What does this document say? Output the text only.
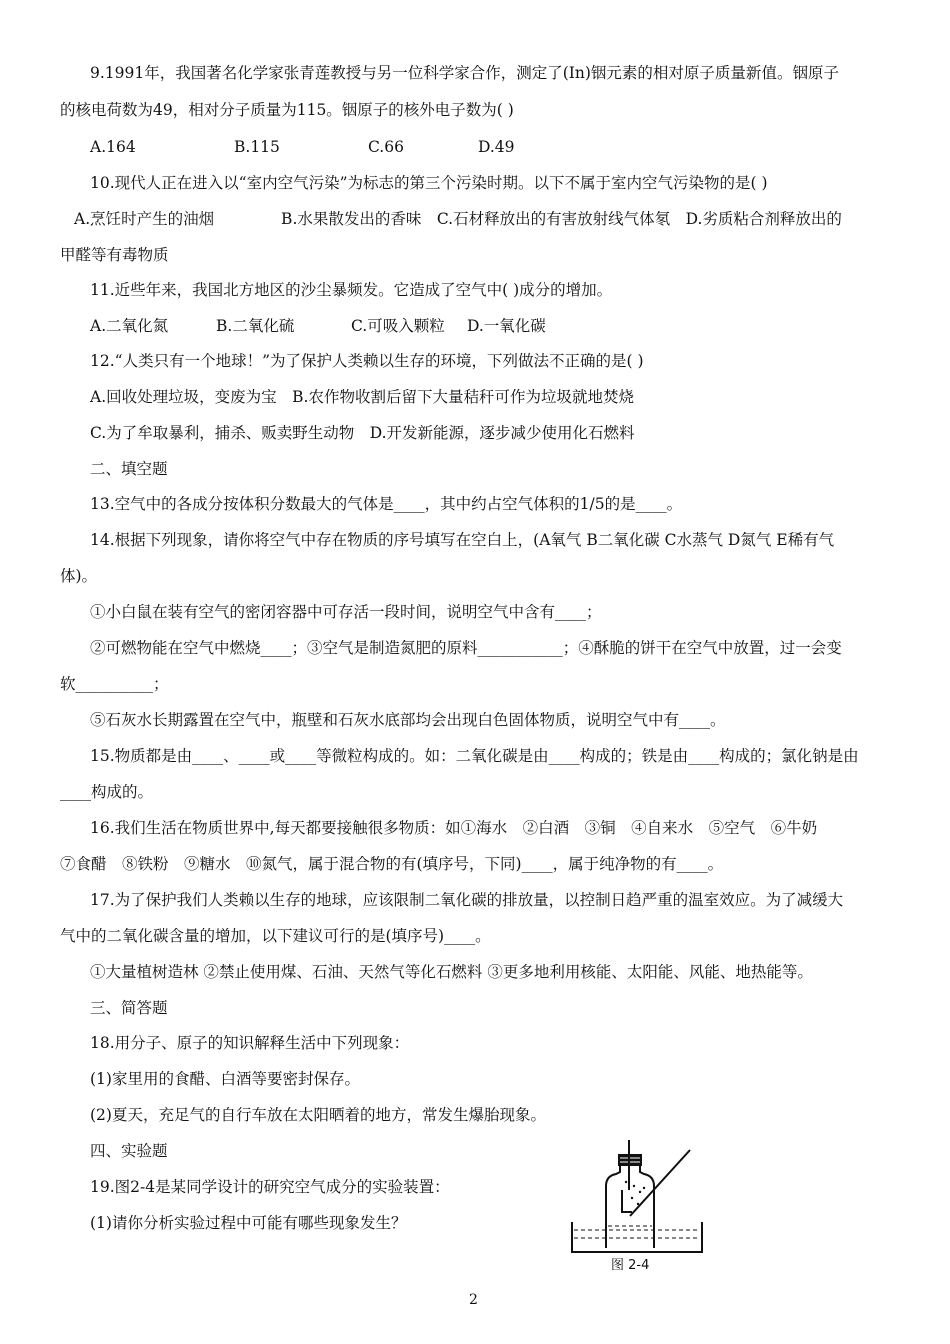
9.1991年，我国著名化学家张青莲教授与另一位科学家合作，测定了(In)铟元素的相对原子质量新值。铟原子
的核电荷数为49，相对分子质量为115。铟原子的核外电子数为( )
A.164	B.115	C.66	D.49
10.现代人正在进入以“室内空气污染”为标志的第三个污染时期。以下不属于室内空气污染物的是( )
A.烹饪时产生的油烟　　　　 B.水果散发出的香味　C.石材释放出的有害放射线气体氡　D.劣质粘合剂释放出的
甲醛等有毒物质
11.近些年来，我国北方地区的沙尘暴频发。它造成了空气中( )成分的增加。
A.二氧化氮	B.二氧化硫	C.可吸入颗粒 D.一氧化碳
12.“人类只有一个地球！”为了保护人类赖以生存的环境，下列做法不正确的是( )
A.回收处理垃圾，变废为宝　B.农作物收割后留下大量秸秆可作为垃圾就地焚烧
C.为了牟取暴利，捕杀、贩卖野生动物　D.开发新能源，逐步减少使用化石燃料
二、填空题
13.空气中的各成分按体积分数最大的气体是____，其中约占空气体积的1/5的是____。
14.根据下列现象，请你将空气中存在物质的序号填写在空白上，(A氧气 B二氧化碳 C水蒸气 D氮气 E稀有气
体)。
①小白鼠在装有空气的密闭容器中可存活一段时间，说明空气中含有____；
②可燃物能在空气中燃烧____；③空气是制造氮肥的原料___________；④酥脆的饼干在空气中放置，过一会变
软__________；
⑤石灰水长期露置在空气中，瓶壁和石灰水底部均会出现白色固体物质，说明空气中有____。
15.物质都是由____、____或____等微粒构成的。如：二氧化碳是由____构成的；铁是由____构成的；氯化钠是由
____构成的。
16.我们生活在物质世界中,每天都要接触很多物质：如①海水　②白酒　③铜　④自来水　⑤空气　⑥牛奶
⑦食醋　⑧铁粉　⑨糖水　⑩氮气，属于混合物的有(填序号，下同)____，属于纯净物的有____。
17.为了保护我们人类赖以生存的地球，应该限制二氧化碳的排放量，以控制日趋严重的温室效应。为了减缓大
气中的二氧化碳含量的增加，以下建议可行的是(填序号)____。
①大量植树造林 ②禁止使用煤、石油、天然气等化石燃料 ③更多地利用核能、太阳能、风能、地热能等。
三、简答题
18.用分子、原子的知识解释生活中下列现象：
(1)家里用的食醋、白酒等要密封保存。
(2)夏天，充足气的自行车放在太阳晒着的地方，常发生爆胎现象。
四、实验题
19.图2-4是某同学设计的研究空气成分的实验装置：
(1)请你分析实验过程中可能有哪些现象发生？
图 2-4
2
